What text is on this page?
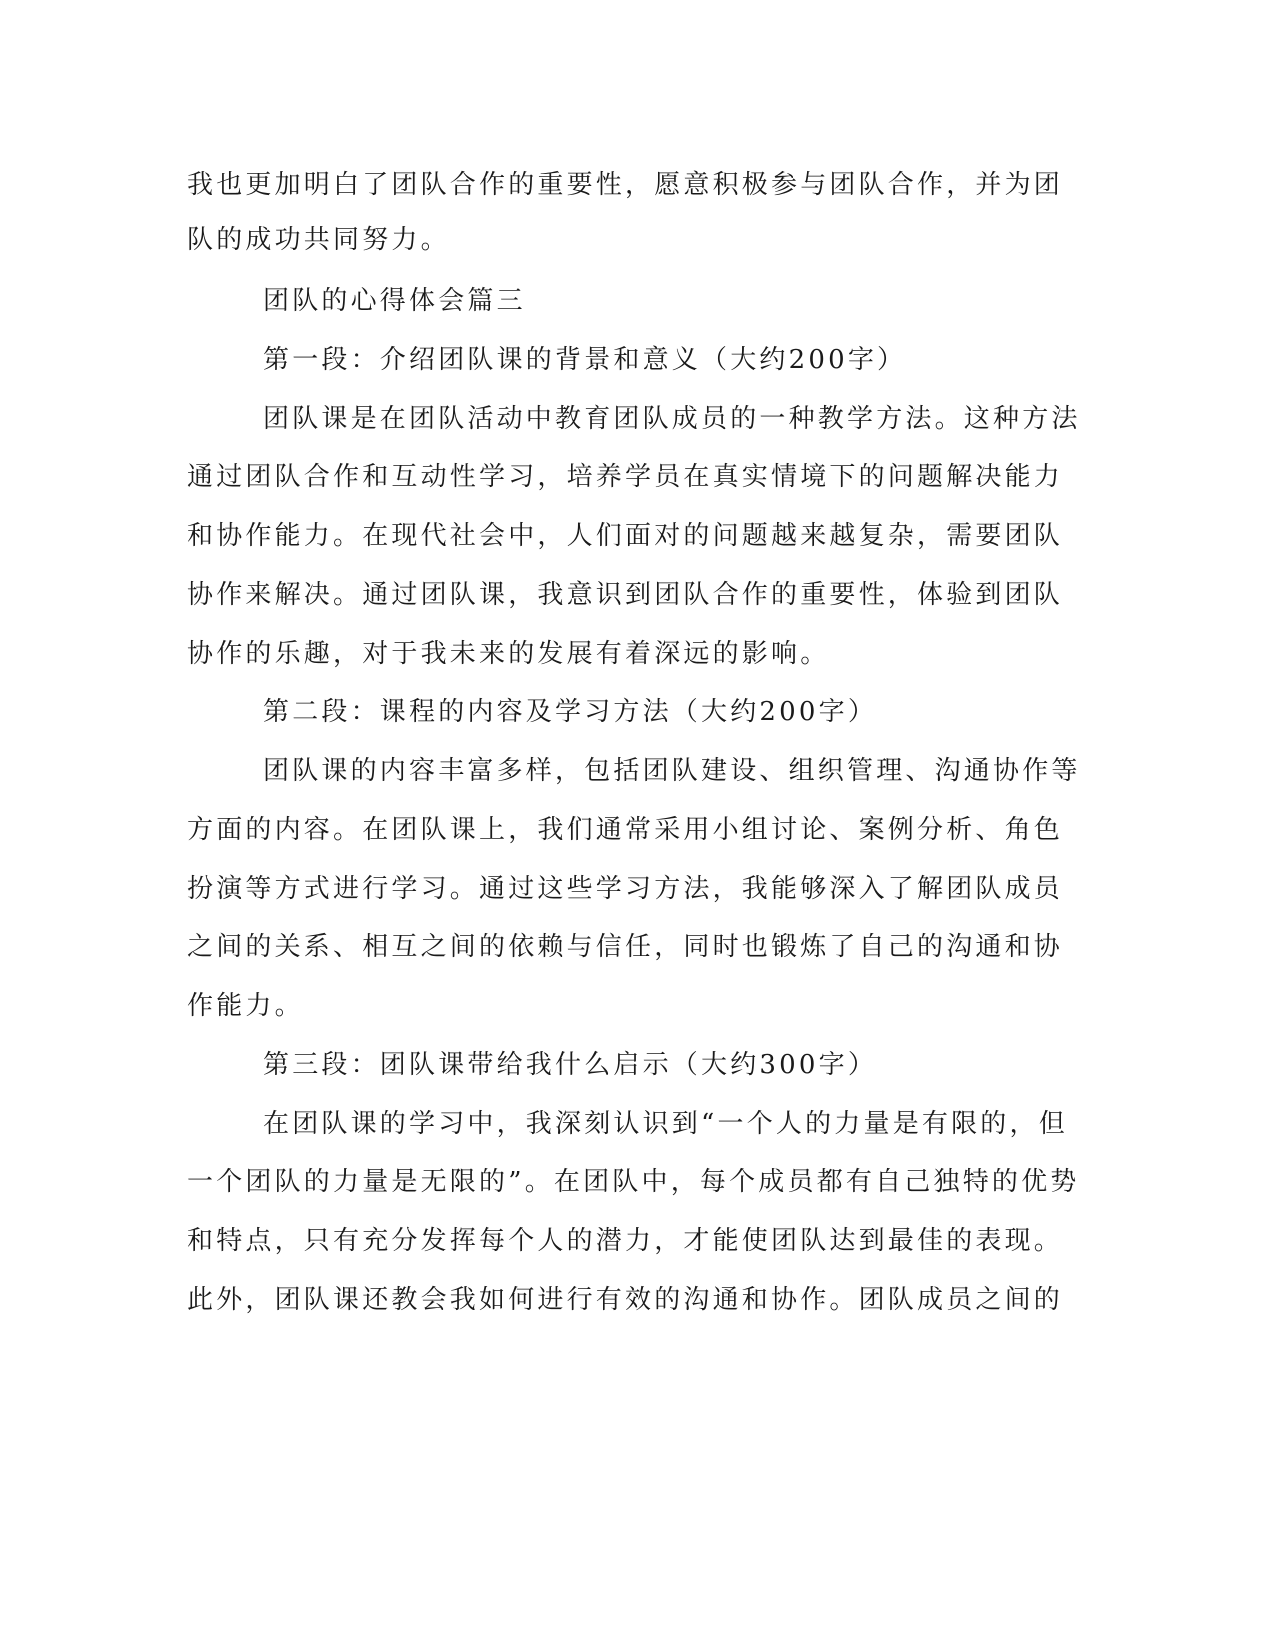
我也更加明白了团队合作的重要性，愿意积极参与团队合作，并为团
队的成功共同努力。
团队的心得体会篇三
第一段：介绍团队课的背景和意义（大约200字）
团队课是在团队活动中教育团队成员的一种教学方法。这种方法
通过团队合作和互动性学习，培养学员在真实情境下的问题解决能力
和协作能力。在现代社会中，人们面对的问题越来越复杂，需要团队
协作来解决。通过团队课，我意识到团队合作的重要性，体验到团队
协作的乐趣，对于我未来的发展有着深远的影响。
第二段：课程的内容及学习方法（大约200字）
团队课的内容丰富多样，包括团队建设、组织管理、沟通协作等
方面的内容。在团队课上，我们通常采用小组讨论、案例分析、角色
扮演等方式进行学习。通过这些学习方法，我能够深入了解团队成员
之间的关系、相互之间的依赖与信任，同时也锻炼了自己的沟通和协
作能力。
第三段：团队课带给我什么启示（大约300字）
在团队课的学习中，我深刻认识到“一个人的力量是有限的，但
一个团队的力量是无限的”。在团队中，每个成员都有自己独特的优势
和特点，只有充分发挥每个人的潜力，才能使团队达到最佳的表现。
此外，团队课还教会我如何进行有效的沟通和协作。团队成员之间的
